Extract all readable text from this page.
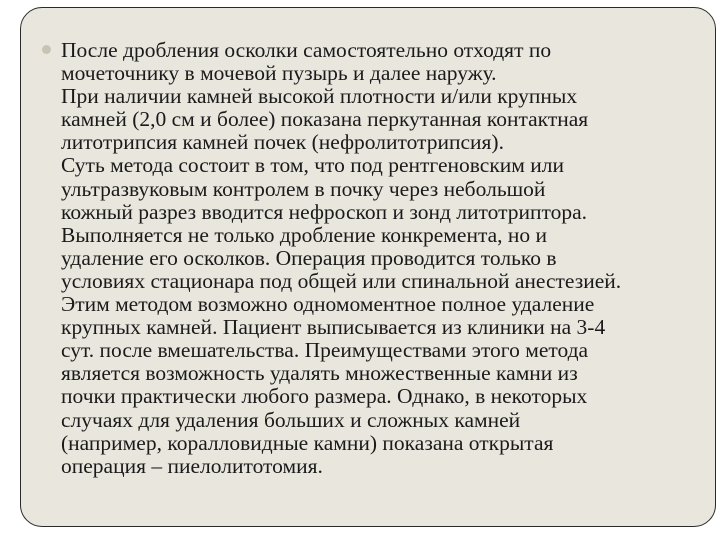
После дробления осколки самостоятельно отходят по
мочеточнику в мочевой пузырь и далее наружу.
При наличии камней высокой плотности и/или крупных
камней (2,0 см и более) показана перкутанная контактная
литотрипсия камней почек (нефролитотрипсия).
Суть метода состоит в том, что под рентгеновским или
ультразвуковым контролем в почку через небольшой
кожный разрез вводится нефроскоп и зонд литотриптора.
Выполняется не только дробление конкремента, но и
удаление его осколков. Операция проводится только в
условиях стационара под общей или спинальной анестезией.
Этим методом возможно одномоментное полное удаление
крупных камней. Пациент выписывается из клиники на 3-4
сут. после вмешательства. Преимуществами этого метода
является возможность удалять множественные камни из
почки практически любого размера. Однако, в некоторых
случаях для удаления больших и сложных камней
(например, коралловидные камни) показана открытая
операция – пиелолитотомия.
